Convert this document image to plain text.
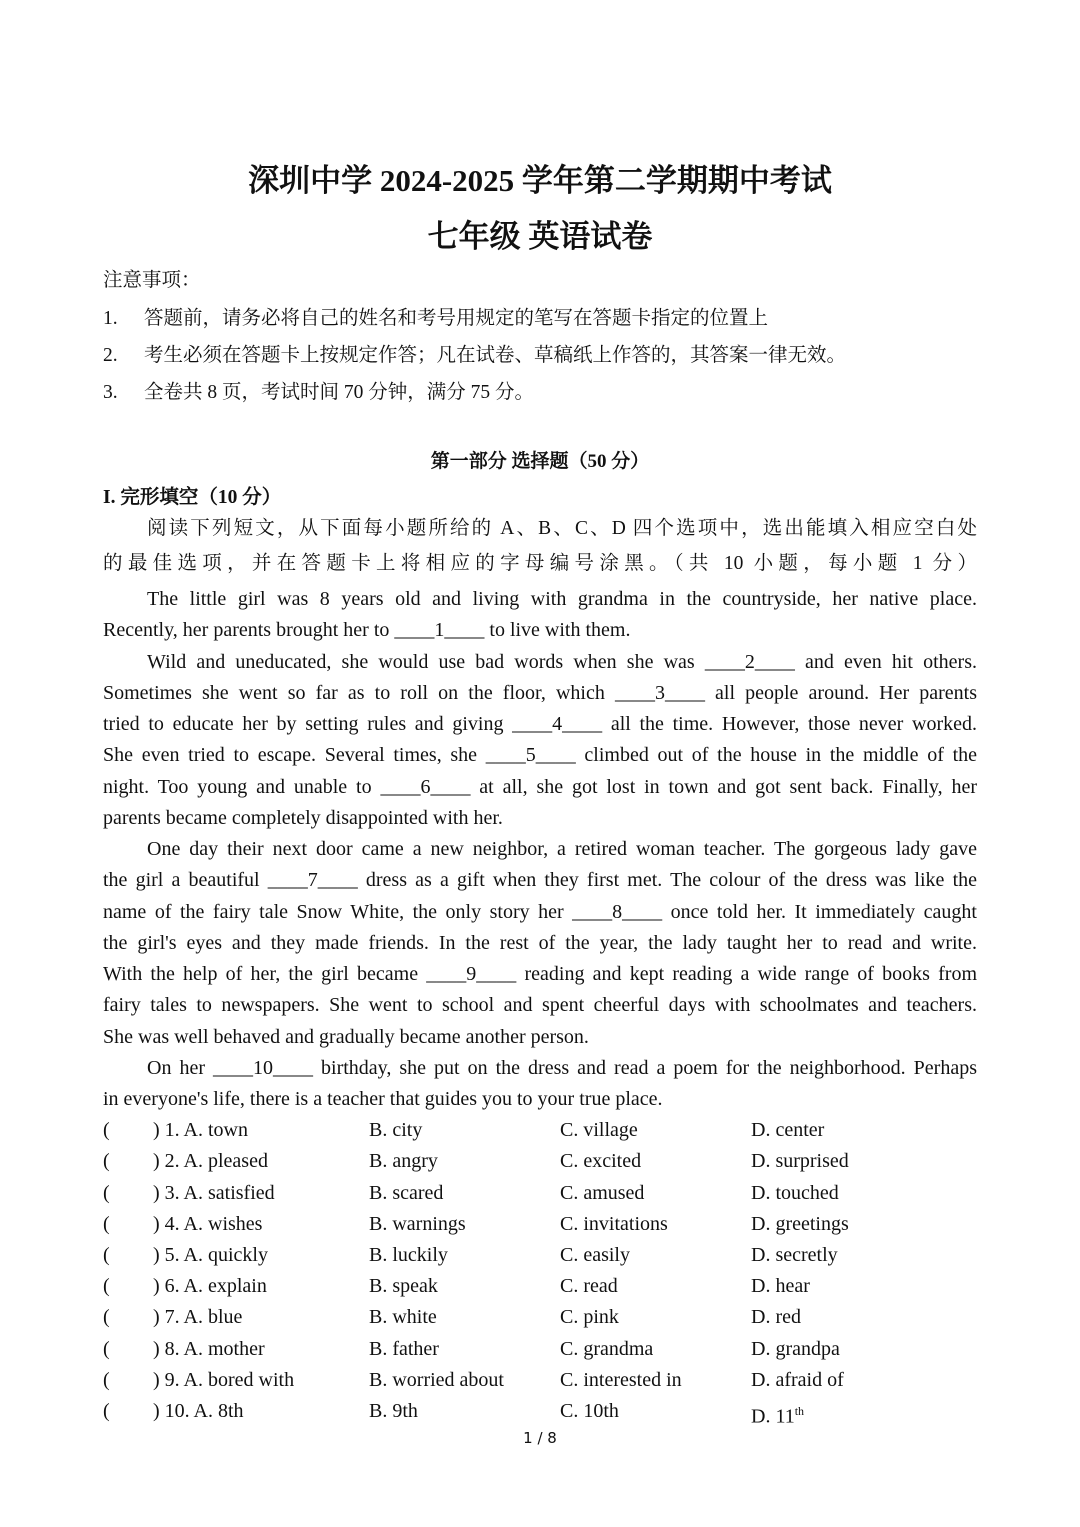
深圳中学 2024-2025 学年第二学期期中考试
七年级 英语试卷
注意事项：
1. 答题前，请务必将自己的姓名和考号用规定的笔写在答题卡指定的位置上
2. 考生必须在答题卡上按规定作答；凡在试卷、草稿纸上作答的，其答案一律无效。
3. 全卷共 8 页，考试时间 70 分钟，满分 75 分。
第一部分 选择题（50 分）
I. 完形填空（10 分）
阅读下列短文，从下面每小题所给的 A、B、C、D 四个选项中，选出能填入相应空白处
的最佳选项，并在答题卡上将相应的字母编号涂黑。（共 10 小题，每小题 1 分）
The little girl was 8 years old and living with grandma in the countryside, her native place.
Recently, her parents brought her to ____1____ to live with them.
Wild and uneducated, she would use bad words when she was ____2____ and even hit others.
Sometimes she went so far as to roll on the floor, which ____3____ all people around. Her parents
tried to educate her by setting rules and giving ____4____ all the time. However, those never worked.
She even tried to escape. Several times, she ____5____ climbed out of the house in the middle of the
night. Too young and unable to ____6____ at all, she got lost in town and got sent back. Finally, her
parents became completely disappointed with her.
One day their next door came a new neighbor, a retired woman teacher. The gorgeous lady gave
the girl a beautiful ____7____ dress as a gift when they first met. The colour of the dress was like the
name of the fairy tale Snow White, the only story her ____8____ once told her. It immediately caught
the girl's eyes and they made friends. In the rest of the year, the lady taught her to read and write.
With the help of her, the girl became ____9____ reading and kept reading a wide range of books from
fairy tales to newspapers. She went to school and spent cheerful days with schoolmates and teachers.
She was well behaved and gradually became another person.
On her ____10____ birthday, she put on the dress and read a poem for the neighborhood. Perhaps
in everyone's life, there is a teacher that guides you to your true place.
( ) 1. A. town	B. city	C. village	D. center
( ) 2. A. pleased	B. angry	C. excited	D. surprised
( ) 3. A. satisfied	B. scared	C. amused	D. touched
( ) 4. A. wishes	B. warnings	C. invitations	D. greetings
( ) 5. A. quickly	B. luckily	C. easily	D. secretly
( ) 6. A. explain	B. speak	C. read	D. hear
( ) 7. A. blue	B. white	C. pink	D. red
( ) 8. A. mother	B. father	C. grandma	D. grandpa
( ) 9. A. bored with	B. worried about	C. interested in	D. afraid of
( ) 10. A. 8th	B. 9th	C. 10th	D. 11th
1 / 8
